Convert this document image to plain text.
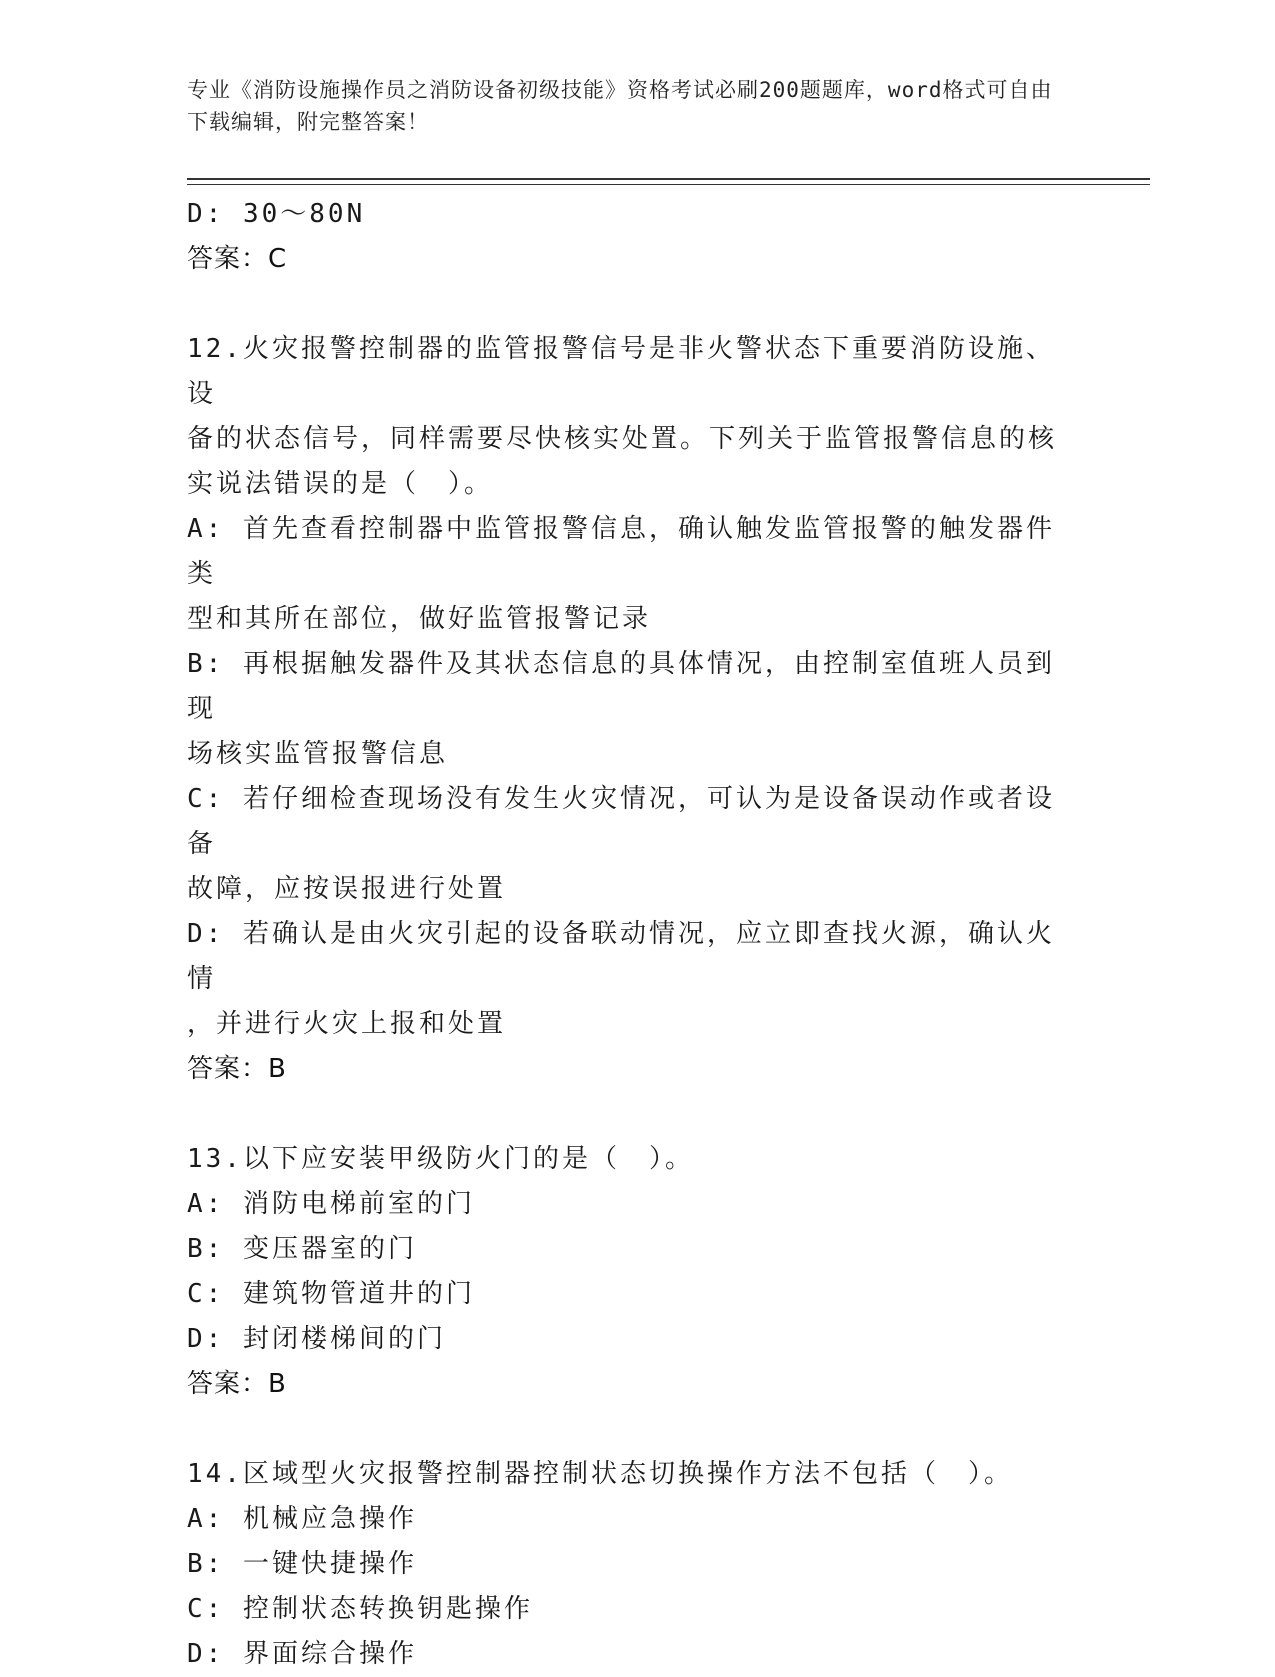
专业《消防设施操作员之消防设备初级技能》资格考试必刷200题题库，word格式可自由下载编辑，附完整答案！
D: 30～80N
答案：C
12.火灾报警控制器的监管报警信号是非火警状态下重要消防设施、设
备的状态信号，同样需要尽快核实处置。下列关于监管报警信息的核
实说法错误的是（　）。
A: 首先查看控制器中监管报警信息，确认触发监管报警的触发器件类
型和其所在部位，做好监管报警记录
B: 再根据触发器件及其状态信息的具体情况，由控制室值班人员到现
场核实监管报警信息
C: 若仔细检查现场没有发生火灾情况，可认为是设备误动作或者设备
故障，应按误报进行处置
D: 若确认是由火灾引起的设备联动情况，应立即查找火源，确认火情
，并进行火灾上报和处置
答案：B
13.以下应安装甲级防火门的是（　）。
A: 消防电梯前室的门
B: 变压器室的门
C: 建筑物管道井的门
D: 封闭楼梯间的门
答案：B
14.区域型火灾报警控制器控制状态切换操作方法不包括（　）。
A: 机械应急操作
B: 一键快捷操作
C: 控制状态转换钥匙操作
D: 界面综合操作
